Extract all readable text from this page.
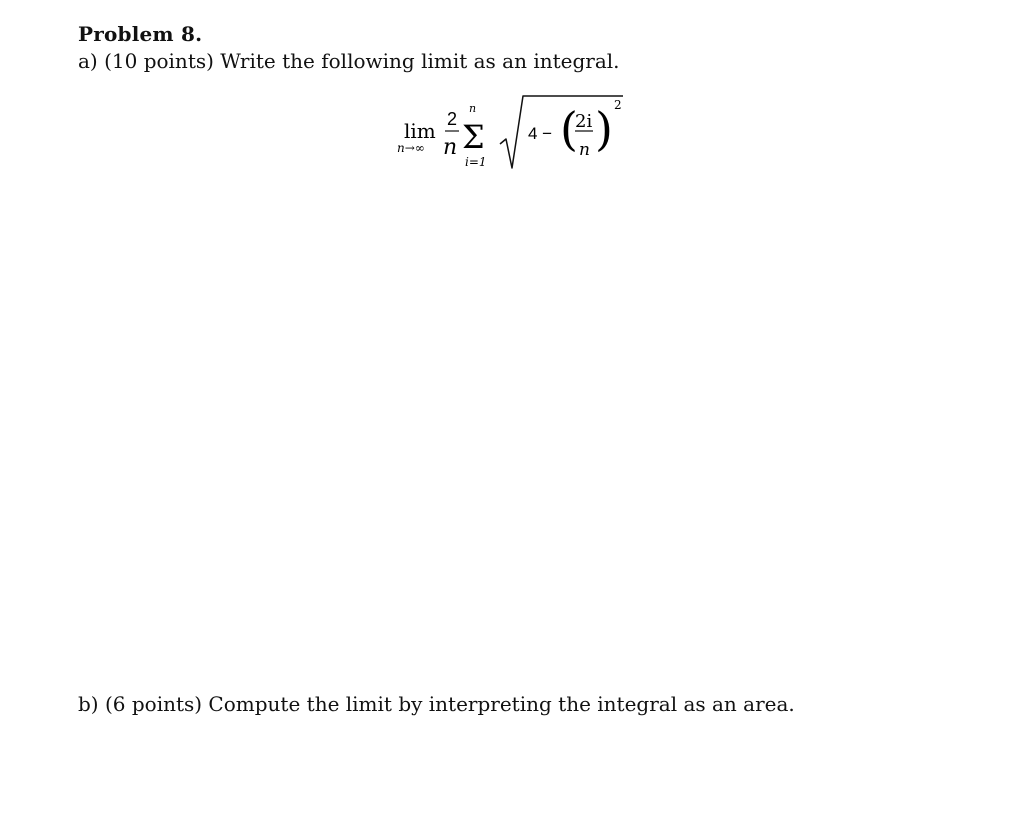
Problem 8.
a) (10 points) Write the following limit as an integral.
lim
n→∞
2
n
n
Σ
i=1
4 − (
2i
n ) 2
b) (6 points) Compute the limit by interpreting the integral as an area.
